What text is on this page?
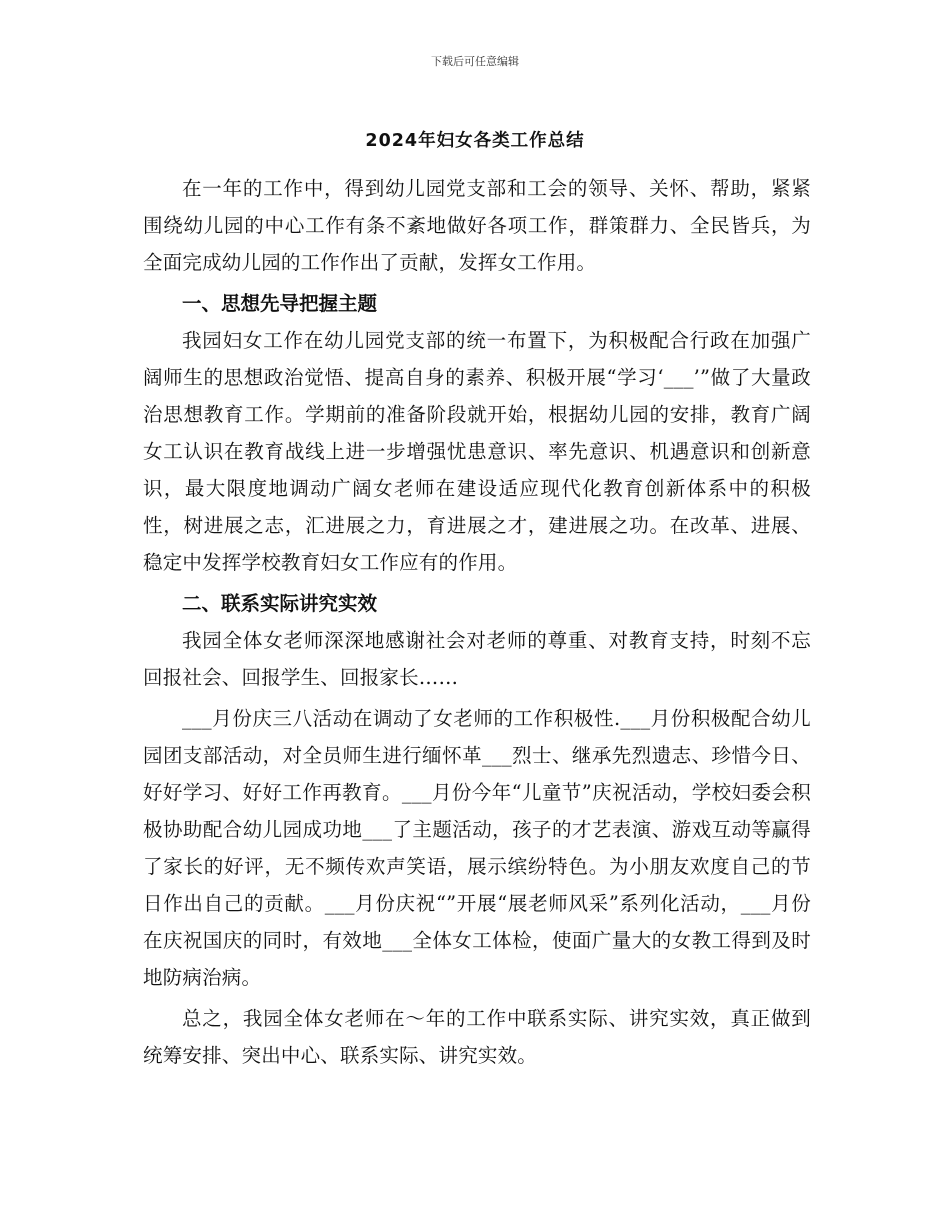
下载后可任意编辑
2024年妇女各类工作总结

在一年的工作中，得到幼儿园党支部和工会的领导、关怀、帮助，紧紧围绕幼儿园的中心工作有条不紊地做好各项工作，群策群力、全民皆兵，为全面完成幼儿园的工作作出了贡献，发挥女工作用。

一、思想先导把握主题

我园妇女工作在幼儿园党支部的统一布置下，为积极配合行政在加强广阔师生的思想政治觉悟、提高自身的素养、积极开展“学习‘___’”做了大量政治思想教育工作。学期前的准备阶段就开始，根据幼儿园的安排，教育广阔女工认识在教育战线上进一步增强忧患意识、率先意识、机遇意识和创新意识，最大限度地调动广阔女老师在建设适应现代化教育创新体系中的积极性，树进展之志，汇进展之力，育进展之才，建进展之功。在改革、进展、稳定中发挥学校教育妇女工作应有的作用。

二、联系实际讲究实效

我园全体女老师深深地感谢社会对老师的尊重、对教育支持，时刻不忘回报社会、回报学生、回报家长……

___月份庆三八活动在调动了女老师的工作积极性.___月份积极配合幼儿园团支部活动，对全员师生进行缅怀革___烈士、继承先烈遗志、珍惜今日、好好学习、好好工作再教育。___月份今年“儿童节”庆祝活动，学校妇委会积极协助配合幼儿园成功地___了主题活动，孩子的才艺表演、游戏互动等赢得了家长的好评，无不频传欢声笑语，展示缤纷特色。为小朋友欢度自己的节日作出自己的贡献。___月份庆祝“”开展“展老师风采”系列化活动，___月份在庆祝国庆的同时，有效地___全体女工体检，使面广量大的女教工得到及时地防病治病。

总之，我园全体女老师在～年的工作中联系实际、讲究实效，真正做到统筹安排、突出中心、联系实际、讲究实效。
